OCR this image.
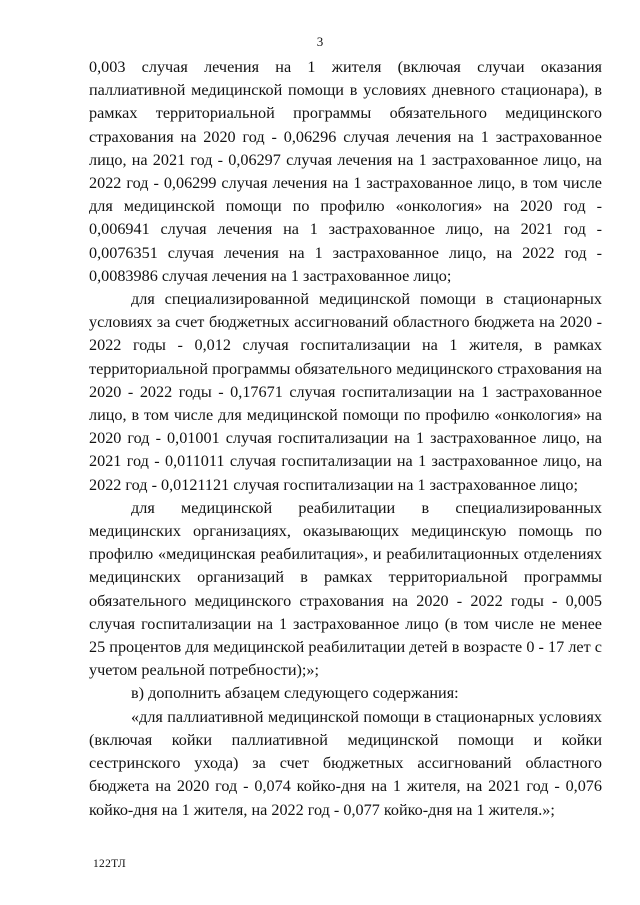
3

0,003 случая лечения на 1 жителя (включая случаи оказания паллиативной медицинской помощи в условиях дневного стационара), в рамках территориальной программы обязательного медицинского страхования на 2020 год - 0,06296 случая лечения на 1 застрахованное лицо, на 2021 год - 0,06297 случая лечения на 1 застрахованное лицо, на 2022 год - 0,06299 случая лечения на 1 застрахованное лицо, в том числе для медицинской помощи по профилю «онкология» на 2020 год - 0,006941 случая лечения на 1 застрахованное лицо, на 2021 год - 0,0076351 случая лечения на 1 застрахованное лицо, на 2022 год - 0,0083986 случая лечения на 1 застрахованное лицо;

для специализированной медицинской помощи в стационарных условиях за счет бюджетных ассигнований областного бюджета на 2020 - 2022 годы - 0,012 случая госпитализации на 1 жителя, в рамках территориальной программы обязательного медицинского страхования на 2020 - 2022 годы - 0,17671 случая госпитализации на 1 застрахованное лицо, в том числе для медицинской помощи по профилю «онкология» на 2020 год - 0,01001 случая госпитализации на 1 застрахованное лицо, на 2021 год - 0,011011 случая госпитализации на 1 застрахованное лицо, на 2022 год - 0,0121121 случая госпитализации на 1 застрахованное лицо;

для медицинской реабилитации в специализированных медицинских организациях, оказывающих медицинскую помощь по профилю «медицинская реабилитация», и реабилитационных отделениях медицинских организаций в рамках территориальной программы обязательного медицинского страхования на 2020 - 2022 годы - 0,005 случая госпитализации на 1 застрахованное лицо (в том числе не менее 25 процентов для медицинской реабилитации детей в возрасте 0 - 17 лет с учетом реальной потребности);»;

в) дополнить абзацем следующего содержания:

«для паллиативной медицинской помощи в стационарных условиях (включая койки паллиативной медицинской помощи и койки сестринского ухода) за счет бюджетных ассигнований областного бюджета на 2020 год - 0,074 койко-дня на 1 жителя, на 2021 год - 0,076 койко-дня на 1 жителя, на 2022 год - 0,077 койко-дня на 1 жителя.»;

122ТЛ
